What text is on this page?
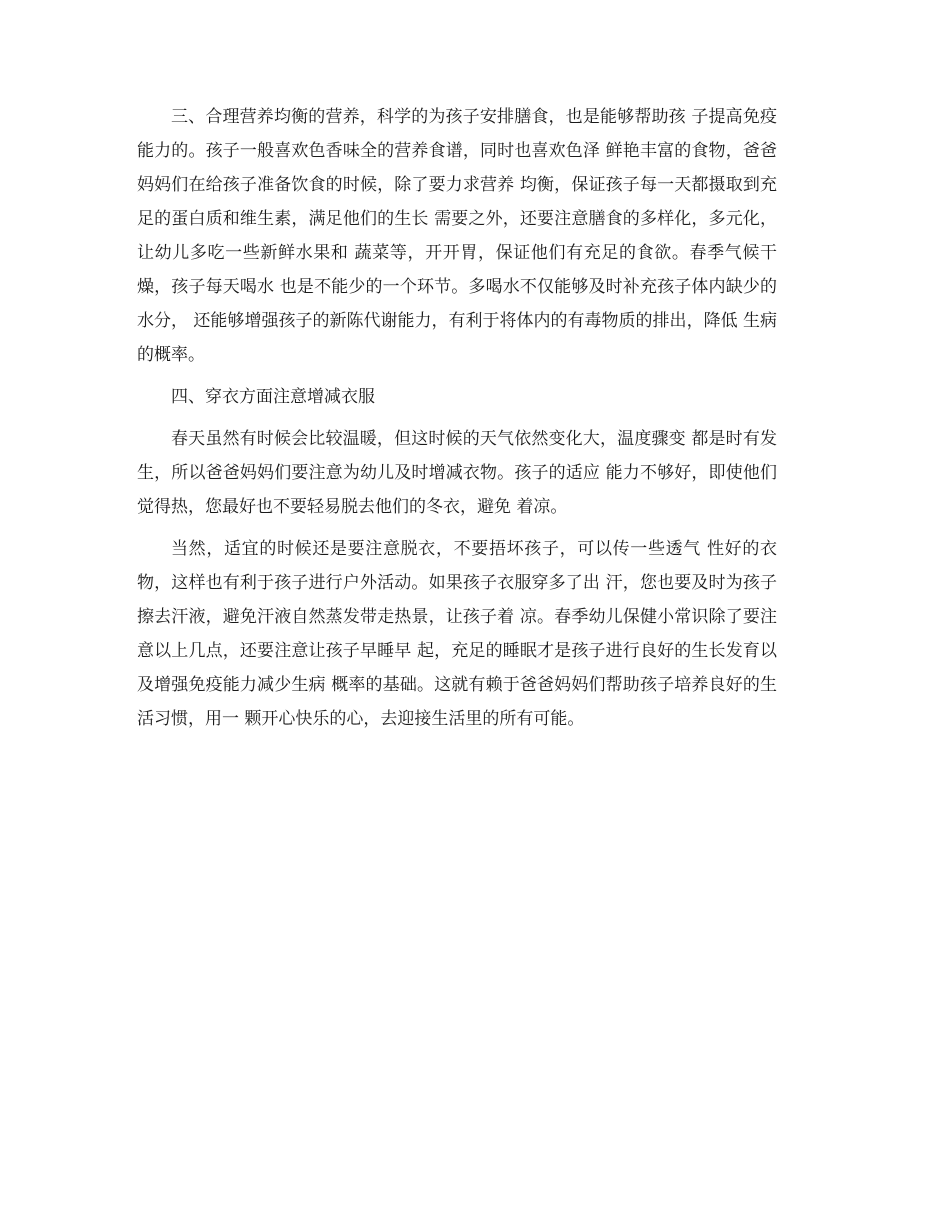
三、合理营养均衡的营养，科学的为孩子安排膳食，也是能够帮助孩 子提高免疫能力的。孩子一般喜欢色香味全的营养食谱，同时也喜欢色泽 鲜艳丰富的食物，爸爸妈妈们在给孩子准备饮食的时候，除了要力求营养 均衡，保证孩子每一天都摄取到充足的蛋白质和维生素，满足他们的生长 需要之外，还要注意膳食的多样化，多元化，让幼儿多吃一些新鲜水果和 蔬菜等，开开胃，保证他们有充足的食欲。春季气候干燥，孩子每天喝水 也是不能少的一个环节。多喝水不仅能够及时补充孩子体内缺少的水分， 还能够增强孩子的新陈代谢能力，有利于将体内的有毒物质的排出，降低 生病的概率。

四、穿衣方面注意增减衣服

春天虽然有时候会比较温暖，但这时候的天气依然变化大，温度骤变 都是时有发生，所以爸爸妈妈们要注意为幼儿及时增减衣物。孩子的适应 能力不够好，即使他们觉得热，您最好也不要轻易脱去他们的冬衣，避免 着凉。

当然，适宜的时候还是要注意脱衣，不要捂坏孩子，可以传一些透气 性好的衣物，这样也有利于孩子进行户外活动。如果孩子衣服穿多了出 汗，您也要及时为孩子擦去汗液，避免汗液自然蒸发带走热景，让孩子着 凉。春季幼儿保健小常识除了要注意以上几点，还要注意让孩子早睡早 起，充足的睡眠才是孩子进行良好的生长发育以及增强免疫能力减少生病 概率的基础。这就有赖于爸爸妈妈们帮助孩子培养良好的生活习惯，用一 颗开心快乐的心，去迎接生活里的所有可能。
